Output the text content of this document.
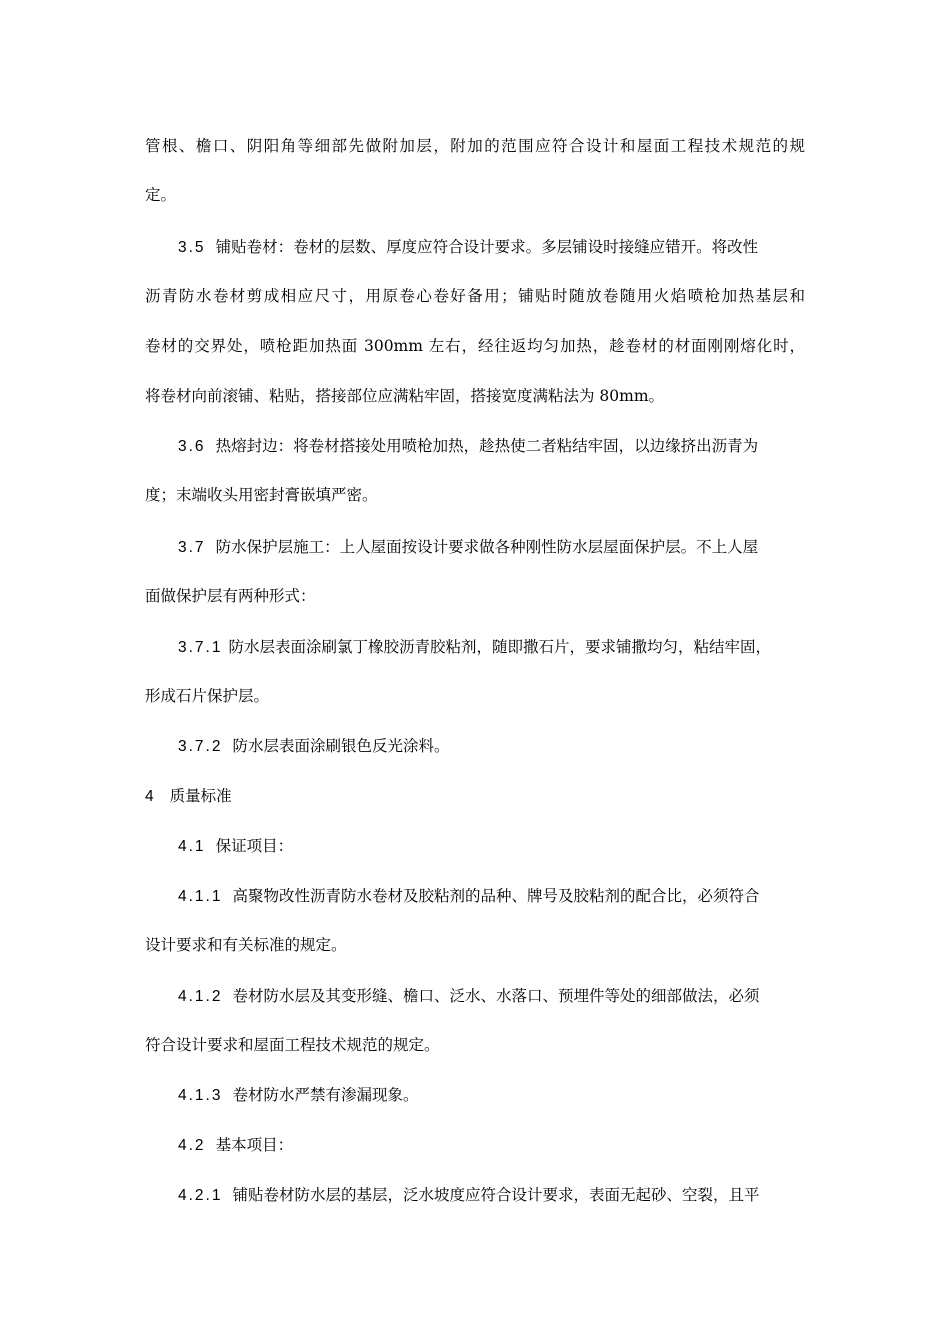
管根、檐口、阴阳角等细部先做附加层，附加的范围应符合设计和屋面工程技术规范的规
定。
3.5 铺贴卷材：卷材的层数、厚度应符合设计要求。多层铺设时接缝应错开。将改性
沥青防水卷材剪成相应尺寸，用原卷心卷好备用；铺贴时随放卷随用火焰喷枪加热基层和
卷材的交界处，喷枪距加热面 300mm 左右，经往返均匀加热，趁卷材的材面刚刚熔化时，
将卷材向前滚铺、粘贴，搭接部位应满粘牢固，搭接宽度满粘法为 80mm。
3.6 热熔封边：将卷材搭接处用喷枪加热，趁热使二者粘结牢固，以边缘挤出沥青为
度；末端收头用密封膏嵌填严密。
3.7 防水保护层施工：上人屋面按设计要求做各种刚性防水层屋面保护层。不上人屋
面做保护层有两种形式：
3.7.1 防水层表面涂刷氯丁橡胶沥青胶粘剂，随即撒石片，要求铺撒均匀，粘结牢固，
形成石片保护层。
3.7.2 防水层表面涂刷银色反光涂料。
4 质量标准
4.1 保证项目：
4.1.1 高聚物改性沥青防水卷材及胶粘剂的品种、牌号及胶粘剂的配合比，必须符合
设计要求和有关标准的规定。
4.1.2 卷材防水层及其变形缝、檐口、泛水、水落口、预埋件等处的细部做法，必须
符合设计要求和屋面工程技术规范的规定。
4.1.3 卷材防水严禁有渗漏现象。
4.2 基本项目：
4.2.1 铺贴卷材防水层的基层，泛水坡度应符合设计要求，表面无起砂、空裂，且平
